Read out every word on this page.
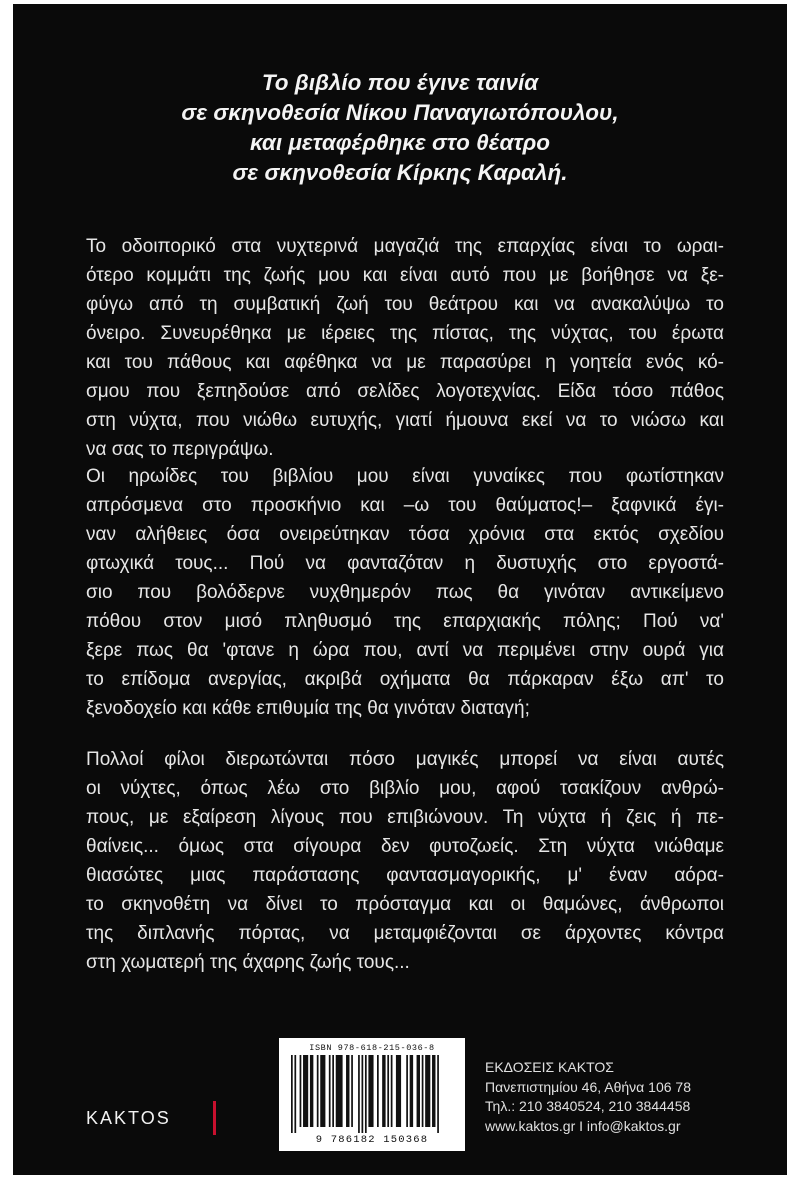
Το βιβλίο που έγινε ταινία
σε σκηνοθεσία Νίκου Παναγιωτόπουλου,
και μεταφέρθηκε στο θέατρο
σε σκηνοθεσία Κίρκης Καραλή.

Το οδοιπορικό στα νυχτερινά μαγαζιά της επαρχίας είναι το ωραι-
ότερο κομμάτι της ζωής μου και είναι αυτό που με βοήθησε να ξε-
φύγω από τη συμβατική ζωή του θεάτρου και να ανακαλύψω το
όνειρο. Συνευρέθηκα με ιέρειες της πίστας, της νύχτας, του έρωτα
και του πάθους και αφέθηκα να με παρασύρει η γοητεία ενός κό-
σμου που ξεπηδούσε από σελίδες λογοτεχνίας. Είδα τόσο πάθος
στη νύχτα, που νιώθω ευτυχής, γιατί ήμουνα εκεί να το νιώσω και
να σας το περιγράψω.

Οι ηρωίδες του βιβλίου μου είναι γυναίκες που φωτίστηκαν
απρόσμενα στο προσκήνιο και –ω του θαύματος!– ξαφνικά έγι-
ναν αλήθειες όσα ονειρεύτηκαν τόσα χρόνια στα εκτός σχεδίου
φτωχικά τους... Πού να φανταζόταν η δυστυχής στο εργοστά-
σιο που βολόδερνε νυχθημερόν πως θα γινόταν αντικείμενο
πόθου στον μισό πληθυσμό της επαρχιακής πόλης; Πού να'
ξερε πως θα 'φτανε η ώρα που, αντί να περιμένει στην ουρά για
το επίδομα ανεργίας, ακριβά οχήματα θα πάρκαραν έξω απ' το
ξενοδοχείο και κάθε επιθυμία της θα γινόταν διαταγή;

Πολλοί φίλοι διερωτώνται πόσο μαγικές μπορεί να είναι αυτές
οι νύχτες, όπως λέω στο βιβλίο μου, αφού τσακίζουν ανθρώ-
πους, με εξαίρεση λίγους που επιβιώνουν. Τη νύχτα ή ζεις ή πε-
θαίνεις... όμως στα σίγουρα δεν φυτοζωείς. Στη νύχτα νιώθαμε
θιασώτες μιας παράστασης φαντασμαγορικής, μ' έναν αόρα-
το σκηνοθέτη να δίνει το πρόσταγμα και οι θαμώνες, άνθρωποι
της διπλανής πόρτας, να μεταμφιέζονται σε άρχοντες κόντρα
στη χωματερή της άχαρης ζωής τους...

ISBN 978-618-215-036-8
9 786182 150368
KAKTOS
ΕΚΔΟΣΕΙΣ ΚΑΚΤΟΣ
Πανεπιστημίου 46, Αθήνα 106 78
Τηλ.: 210 3840524, 210 3844458
www.kaktos.gr I info@kaktos.gr
